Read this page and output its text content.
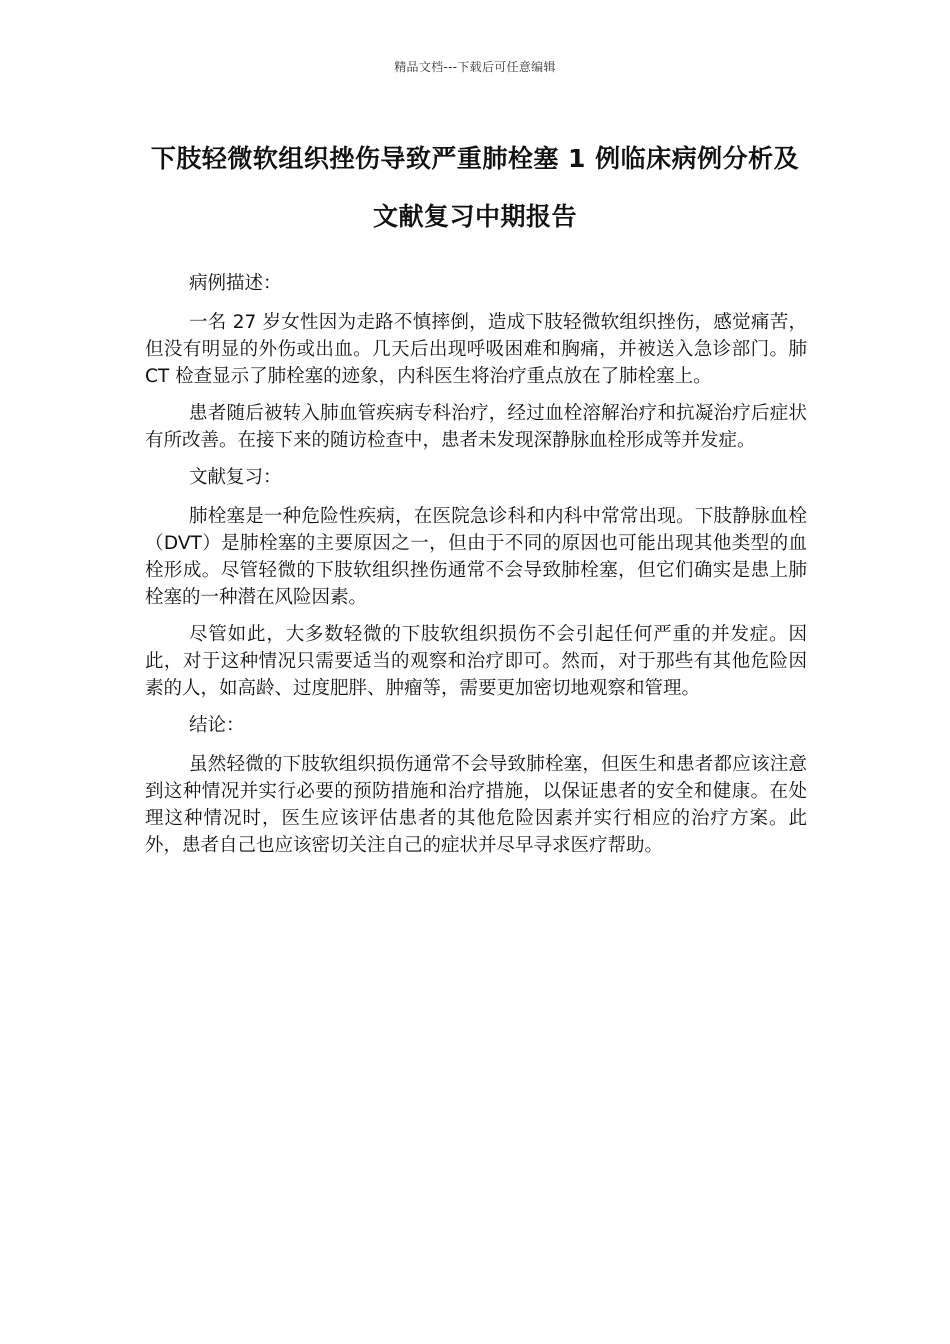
精品文档---下载后可任意编辑
下肢轻微软组织挫伤导致严重肺栓塞 1 例临床病例分析及文献复习中期报告

病例描述：

一名 27 岁女性因为走路不慎摔倒，造成下肢轻微软组织挫伤，感觉痛苦，但没有明显的外伤或出血。几天后出现呼吸困难和胸痛，并被送入急诊部门。肺 CT 检查显示了肺栓塞的迹象，内科医生将治疗重点放在了肺栓塞上。

患者随后被转入肺血管疾病专科治疗，经过血栓溶解治疗和抗凝治疗后症状有所改善。在接下来的随访检查中，患者未发现深静脉血栓形成等并发症。

文献复习：

肺栓塞是一种危险性疾病，在医院急诊科和内科中常常出现。下肢静脉血栓（DVT）是肺栓塞的主要原因之一，但由于不同的原因也可能出现其他类型的血栓形成。尽管轻微的下肢软组织挫伤通常不会导致肺栓塞，但它们确实是患上肺栓塞的一种潜在风险因素。

尽管如此，大多数轻微的下肢软组织损伤不会引起任何严重的并发症。因此，对于这种情况只需要适当的观察和治疗即可。然而，对于那些有其他危险因素的人，如高龄、过度肥胖、肿瘤等，需要更加密切地观察和管理。

结论：

虽然轻微的下肢软组织损伤通常不会导致肺栓塞，但医生和患者都应该注意到这种情况并实行必要的预防措施和治疗措施，以保证患者的安全和健康。在处理这种情况时，医生应该评估患者的其他危险因素并实行相应的治疗方案。此外，患者自己也应该密切关注自己的症状并尽早寻求医疗帮助。
